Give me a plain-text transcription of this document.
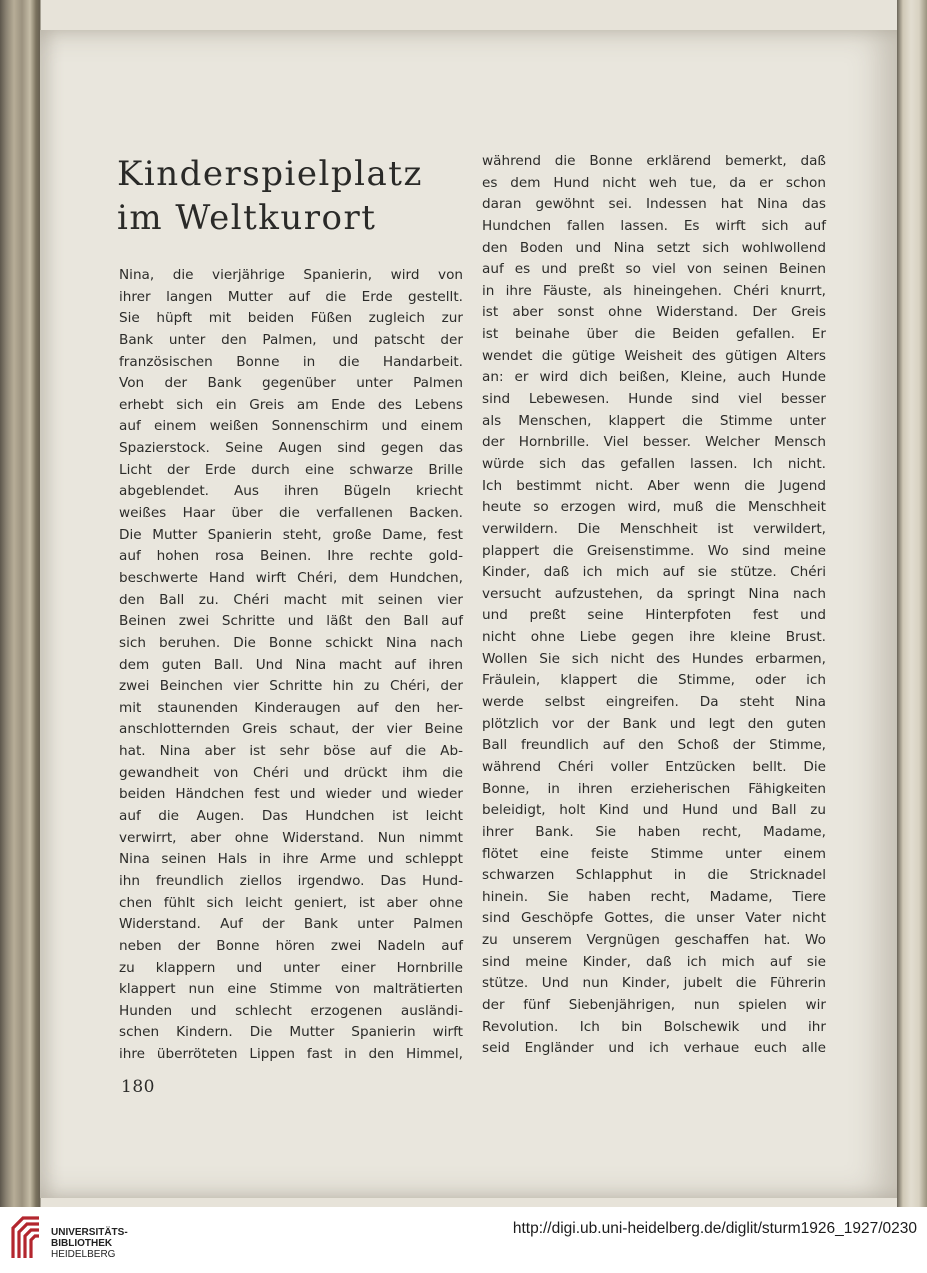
Kinderspielplatz
im Weltkurort
Nina, die vierjährige Spanierin, wird von
ihrer langen Mutter auf die Erde gestellt.
Sie hüpft mit beiden Füßen zugleich zur
Bank unter den Palmen, und patscht der
französischen Bonne in die Handarbeit.
Von der Bank gegenüber unter Palmen
erhebt sich ein Greis am Ende des Lebens
auf einem weißen Sonnenschirm und einem
Spazierstock. Seine Augen sind gegen das
Licht der Erde durch eine schwarze Brille
abgeblendet. Aus ihren Bügeln kriecht
weißes Haar über die verfallenen Backen.
Die Mutter Spanierin steht, große Dame, fest
auf hohen rosa Beinen. Ihre rechte gold-
beschwerte Hand wirft Chéri, dem Hundchen,
den Ball zu. Chéri macht mit seinen vier
Beinen zwei Schritte und läßt den Ball auf
sich beruhen. Die Bonne schickt Nina nach
dem guten Ball. Und Nina macht auf ihren
zwei Beinchen vier Schritte hin zu Chéri, der
mit staunenden Kinderaugen auf den her-
anschlotternden Greis schaut, der vier Beine
hat. Nina aber ist sehr böse auf die Ab-
gewandheit von Chéri und drückt ihm die
beiden Händchen fest und wieder und wieder
auf die Augen. Das Hundchen ist leicht
verwirrt, aber ohne Widerstand. Nun nimmt
Nina seinen Hals in ihre Arme und schleppt
ihn freundlich ziellos irgendwo. Das Hund-
chen fühlt sich leicht geniert, ist aber ohne
Widerstand. Auf der Bank unter Palmen
neben der Bonne hören zwei Nadeln auf
zu klappern und unter einer Hornbrille
klappert nun eine Stimme von malträtierten
Hunden und schlecht erzogenen ausländi-
schen Kindern. Die Mutter Spanierin wirft
ihre überröteten Lippen fast in den Himmel,
während die Bonne erklärend bemerkt, daß
es dem Hund nicht weh tue, da er schon
daran gewöhnt sei. Indessen hat Nina das
Hundchen fallen lassen. Es wirft sich auf
den Boden und Nina setzt sich wohlwollend
auf es und preßt so viel von seinen Beinen
in ihre Fäuste, als hineingehen. Chéri knurrt,
ist aber sonst ohne Widerstand. Der Greis
ist beinahe über die Beiden gefallen. Er
wendet die gütige Weisheit des gütigen Alters
an: er wird dich beißen, Kleine, auch Hunde
sind Lebewesen. Hunde sind viel besser
als Menschen, klappert die Stimme unter
der Hornbrille. Viel besser. Welcher Mensch
würde sich das gefallen lassen. Ich nicht.
Ich bestimmt nicht. Aber wenn die Jugend
heute so erzogen wird, muß die Menschheit
verwildern. Die Menschheit ist verwildert,
plappert die Greisenstimme. Wo sind meine
Kinder, daß ich mich auf sie stütze. Chéri
versucht aufzustehen, da springt Nina nach
und preßt seine Hinterpfoten fest und
nicht ohne Liebe gegen ihre kleine Brust.
Wollen Sie sich nicht des Hundes erbarmen,
Fräulein, klappert die Stimme, oder ich
werde selbst eingreifen. Da steht Nina
plötzlich vor der Bank und legt den guten
Ball freundlich auf den Schoß der Stimme,
während Chéri voller Entzücken bellt. Die
Bonne, in ihren erzieherischen Fähigkeiten
beleidigt, holt Kind und Hund und Ball zu
ihrer Bank. Sie haben recht, Madame,
flötet eine feiste Stimme unter einem
schwarzen Schlapphut in die Stricknadel
hinein. Sie haben recht, Madame, Tiere
sind Geschöpfe Gottes, die unser Vater nicht
zu unserem Vergnügen geschaffen hat. Wo
sind meine Kinder, daß ich mich auf sie
stütze. Und nun Kinder, jubelt die Führerin
der fünf Siebenjährigen, nun spielen wir
Revolution. Ich bin Bolschewik und ihr
seid Engländer und ich verhaue euch alle

180

UNIVERSITÄTS-
BIBLIOTHEK
HEIDELBERG
http://digi.ub.uni-heidelberg.de/diglit/sturm1926_1927/0230
